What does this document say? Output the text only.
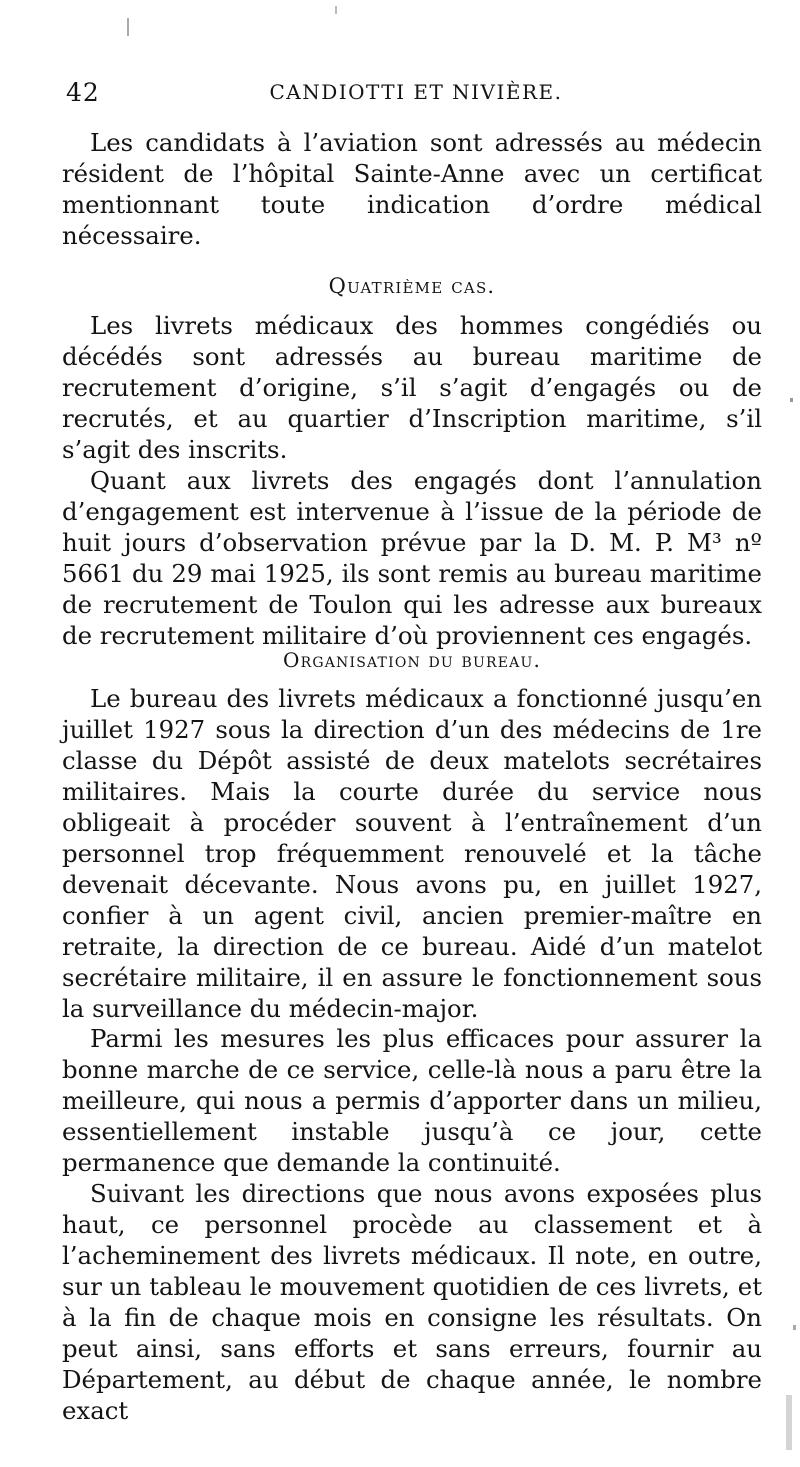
42	CANDIOTTI ET NIVIÈRE.

Les candidats à l’aviation sont adressés au médecin résident de l’hôpital Sainte-Anne avec un certificat mentionnant toute indication d’ordre médical nécessaire.

Quatrième cas.

Les livrets médicaux des hommes congédiés ou décédés sont adressés au bureau maritime de recrutement d’origine, s’il s’agit d’engagés ou de recrutés, et au quartier d’Inscription maritime, s’il s’agit des inscrits.

Quant aux livrets des engagés dont l’annulation d’engagement est intervenue à l’issue de la période de huit jours d’observation prévue par la D. M. P. M³ nº 5661 du 29 mai 1925, ils sont remis au bureau maritime de recrutement de Toulon qui les adresse aux bureaux de recrutement militaire d’où proviennent ces engagés.

Organisation du bureau.

Le bureau des livrets médicaux a fonctionné jusqu’en juillet 1927 sous la direction d’un des médecins de 1re classe du Dépôt assisté de deux matelots secrétaires militaires. Mais la courte durée du service nous obligeait à procéder souvent à l’entraînement d’un personnel trop fréquemment renouvelé et la tâche devenait décevante. Nous avons pu, en juillet 1927, confier à un agent civil, ancien premier-maître en retraite, la direction de ce bureau. Aidé d’un matelot secrétaire militaire, il en assure le fonctionnement sous la surveillance du médecin-major.

Parmi les mesures les plus efficaces pour assurer la bonne marche de ce service, celle-là nous a paru être la meilleure, qui nous a permis d’apporter dans un milieu, essentiellement instable jusqu’à ce jour, cette permanence que demande la continuité.

Suivant les directions que nous avons exposées plus haut, ce personnel procède au classement et à l’acheminement des livrets médicaux. Il note, en outre, sur un tableau le mouvement quotidien de ces livrets, et à la fin de chaque mois en consigne les résultats. On peut ainsi, sans efforts et sans erreurs, fournir au Département, au début de chaque année, le nombre exact
